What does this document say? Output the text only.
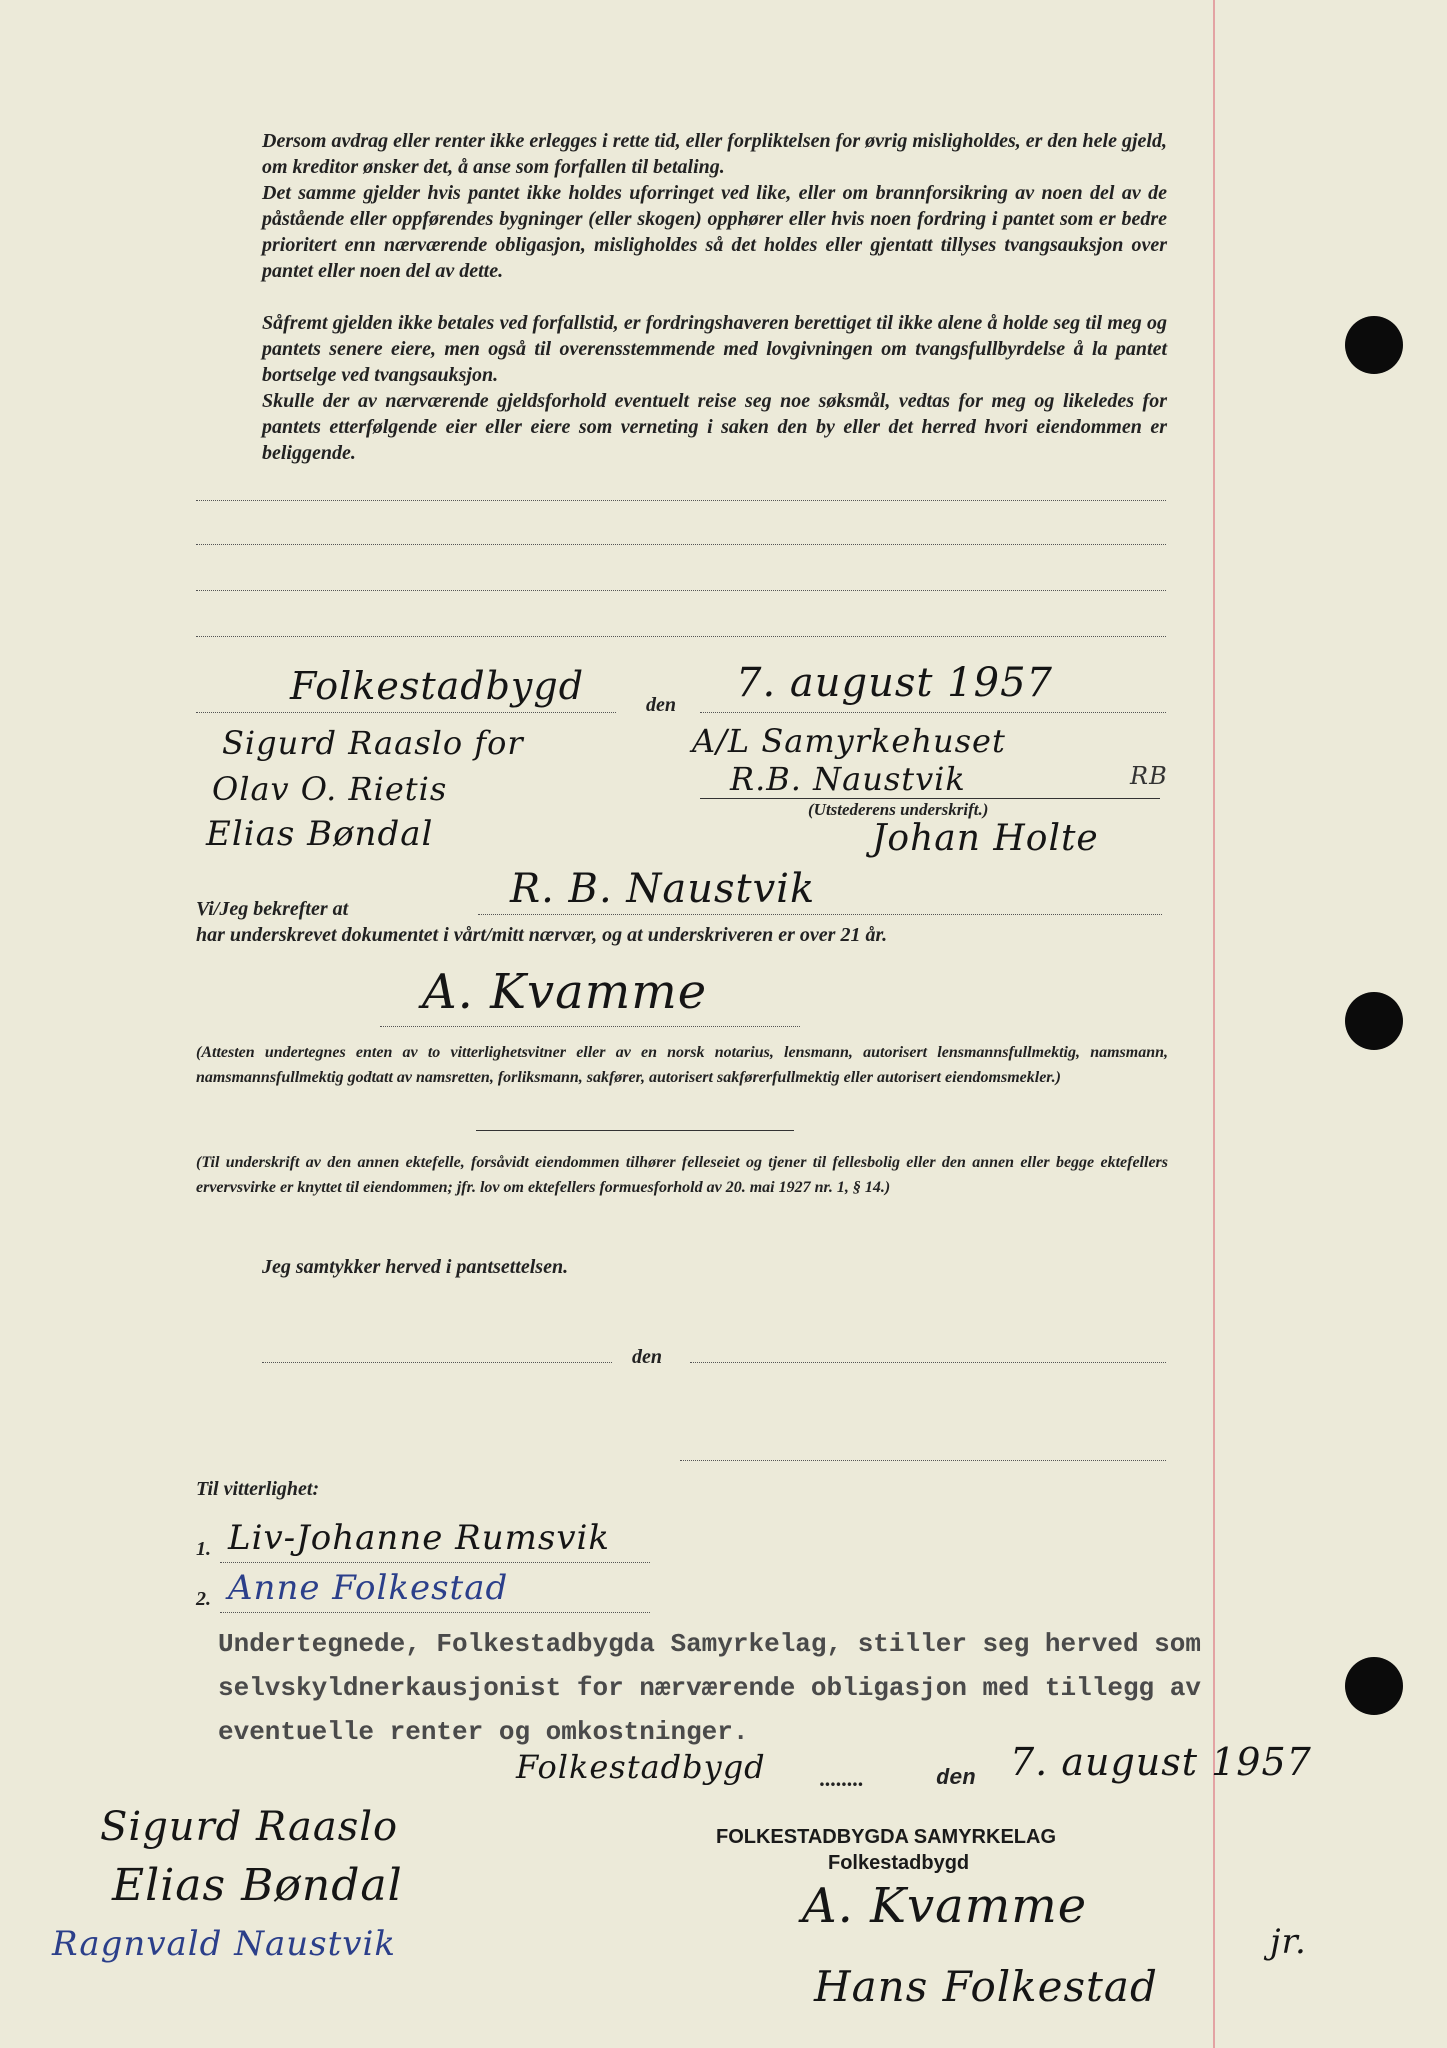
Dersom avdrag eller renter ikke erlegges i rette tid, eller forpliktelsen for øvrig misligholdes, er den hele gjeld, om kreditor ønsker det, å anse som forfallen til betaling.
Det samme gjelder hvis pantet ikke holdes uforringet ved like, eller om brannforsikring av noen del av de påstående eller oppførendes bygninger (eller skogen) opphører eller hvis noen fordring i pantet som er bedre prioritert enn nærværende obligasjon, misligholdes så det holdes eller gjentatt tillyses tvangsauksjon over pantet eller noen del av dette.
Såfremt gjelden ikke betales ved forfallstid, er fordringshaveren berettiget til ikke alene å holde seg til meg og pantets senere eiere, men også til overensstemmende med lovgivningen om tvangsfullbyrdelse å la pantet bortselge ved tvangsauksjon.
Skulle der av nærværende gjeldsforhold eventuelt reise seg noe søksmål, vedtas for meg og likeledes for pantets etterfølgende eier eller eiere som verneting i saken den by eller det herred hvori eiendommen er beliggende.
Folkestadbygd	den 7. august 1957
Sigurd Raaslo for
Olav O. Rietis
Elias Bøndal
A/L Samyrkehuset
R.B. Naustvik
(Utstederens underskrift.)
RB
Johan Holte
Vi/Jeg bekrefter at	R. B. Naustvik
har underskrevet dokumentet i vårt/mitt nærvær, og at underskriveren er over 21 år.
A. Kvamme
(Attesten undertegnes enten av to vitterlighetsvitner eller av en norsk notarius, lensmann, autorisert lensmannsfullmektig, namsmann, namsmannsfullmektig godtatt av namsretten, forliksmann, sakfører, autorisert sakførerfullmektig eller autorisert eiendomsmekler.)
(Til underskrift av den annen ektefelle, forsåvidt eiendommen tilhører felleseiet og tjener til fellesbolig eller den annen eller begge ektefellers ervervsvirke er knyttet til eiendommen; jfr. lov om ektefellers formuesforhold av 20. mai 1927 nr. 1, § 14.)
Jeg samtykker herved i pantsettelsen.
den
Til vitterlighet:
1. Liv-Johanne Rumsvik
2. Anne Folkestad
Undertegnede, Folkestadbygda Samyrkelag, stiller seg herved som selvskyldnerkausjonist for nærværende obligasjon med tillegg av eventuelle renter og omkostninger.
Folkestadbygd ........	den 7. august 1957
FOLKESTADBYGDA SAMYRKELAG
Folkestadbygd
Sigurd Raaslo
Elias Bøndal
Ragnvald Naustvik
A. Kvamme
Hans Folkestad
jr.
